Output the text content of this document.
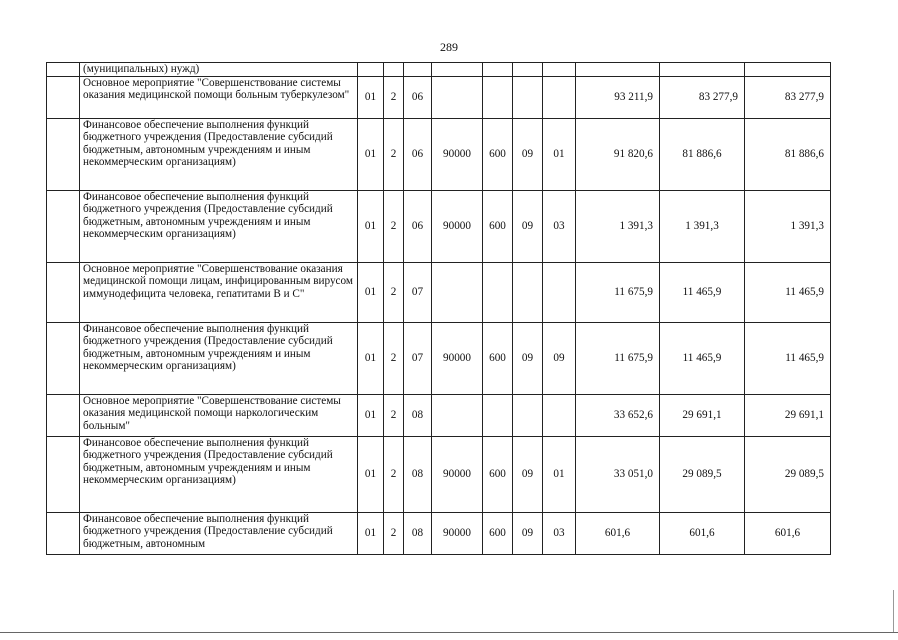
289
	(муниципальных) нужд)										
	Основное мероприятие "Совершенствование системы оказания медицинской помощи больным туберкулезом"	01	2	06					93 211,9	83 277,9	83 277,9
	Финансовое обеспечение выполнения функций бюджетного учреждения (Предоставление субсидий бюджетным, автономным учреждениям и иным некоммерческим организациям)	01	2	06	90000	600	09	01	91 820,6	81 886,6	81 886,6
	Финансовое обеспечение выполнения функций бюджетного учреждения (Предоставление субсидий бюджетным, автономным учреждениям и иным некоммерческим организациям)	01	2	06	90000	600	09	03	1 391,3	1 391,3	1 391,3
	Основное мероприятие "Совершенствование оказания медицинской помощи лицам, инфицированным вирусом иммунодефицита человека, гепатитами В и С"	01	2	07					11 675,9	11 465,9	11 465,9
	Финансовое обеспечение выполнения функций бюджетного учреждения (Предоставление субсидий бюджетным, автономным учреждениям и иным некоммерческим организациям)	01	2	07	90000	600	09	09	11 675,9	11 465,9	11 465,9
	Основное мероприятие "Совершенствование системы оказания медицинской помощи наркологическим больным"	01	2	08					33 652,6	29 691,1	29 691,1
	Финансовое обеспечение выполнения функций бюджетного учреждения (Предоставление субсидий бюджетным, автономным учреждениям и иным некоммерческим организациям)	01	2	08	90000	600	09	01	33 051,0	29 089,5	29 089,5
	Финансовое обеспечение выполнения функций бюджетного учреждения (Предоставление субсидий бюджетным, автономным	01	2	08	90000	600	09	03	601,6	601,6	601,6
